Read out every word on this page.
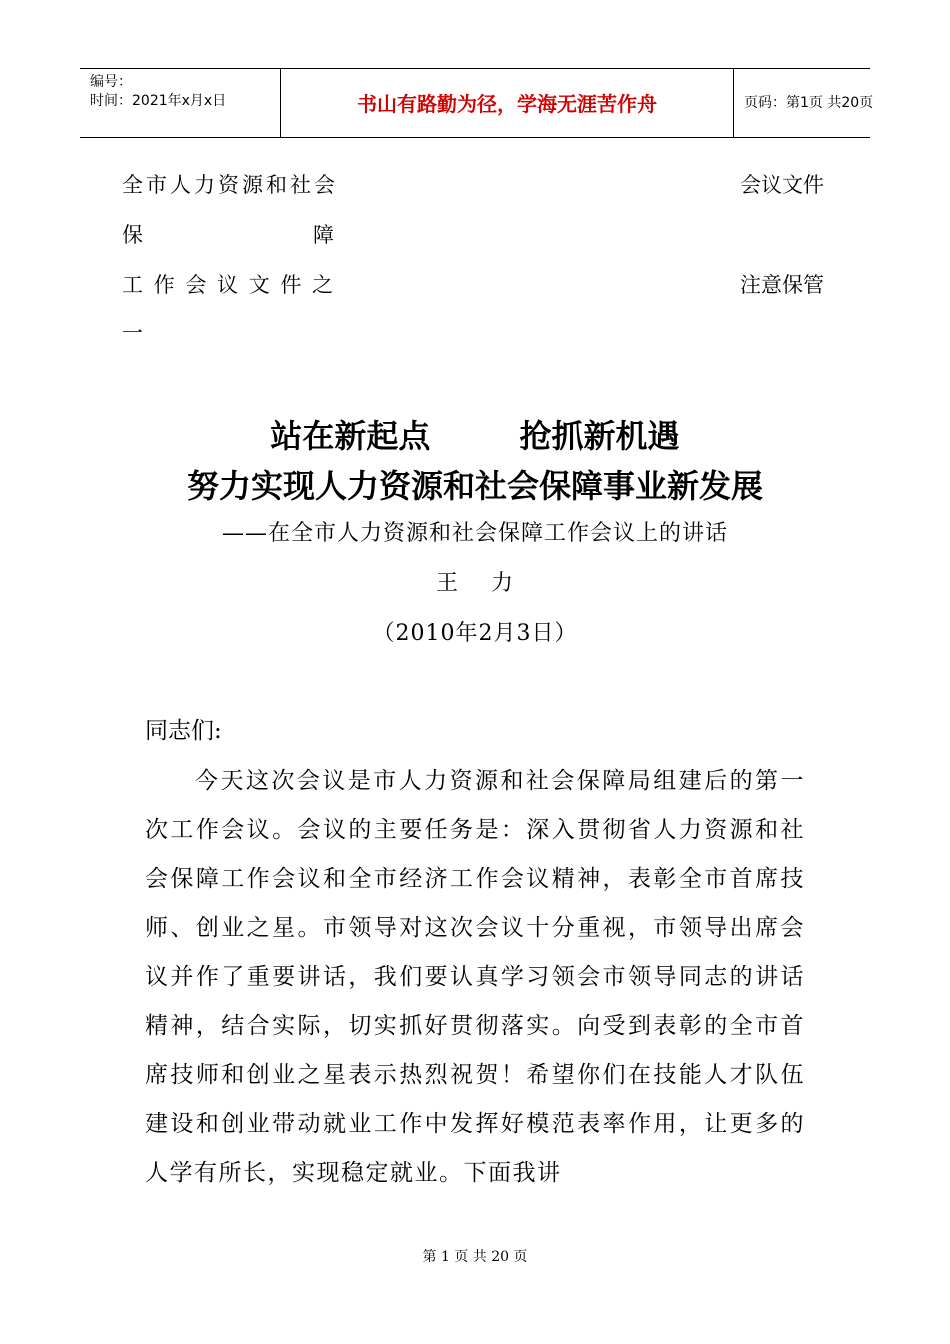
编号：
时间：2021年x月x日	书山有路勤为径，学海无涯苦作舟	页码：第1页 共20页
全市人力资源和社会
保	障
工 作 会 议 文 件 之
一
会议文件
注意保管
站在新起点        抢抓新机遇
努力实现人力资源和社会保障事业新发展
——在全市人力资源和社会保障工作会议上的讲话
王    力
（2010年2月3日）
同志们:
今天这次会议是市人力资源和社会保障局组建后的第一次工作会议。会议的主要任务是：深入贯彻省人力资源和社会保障工作会议和全市经济工作会议精神，表彰全市首席技师、创业之星。市领导对这次会议十分重视，市领导出席会议并作了重要讲话，我们要认真学习领会市领导同志的讲话精神，结合实际，切实抓好贯彻落实。向受到表彰的全市首席技师和创业之星表示热烈祝贺！希望你们在技能人才队伍建设和创业带动就业工作中发挥好模范表率作用，让更多的人学有所长，实现稳定就业。下面我讲
第 1 页 共 20 页
